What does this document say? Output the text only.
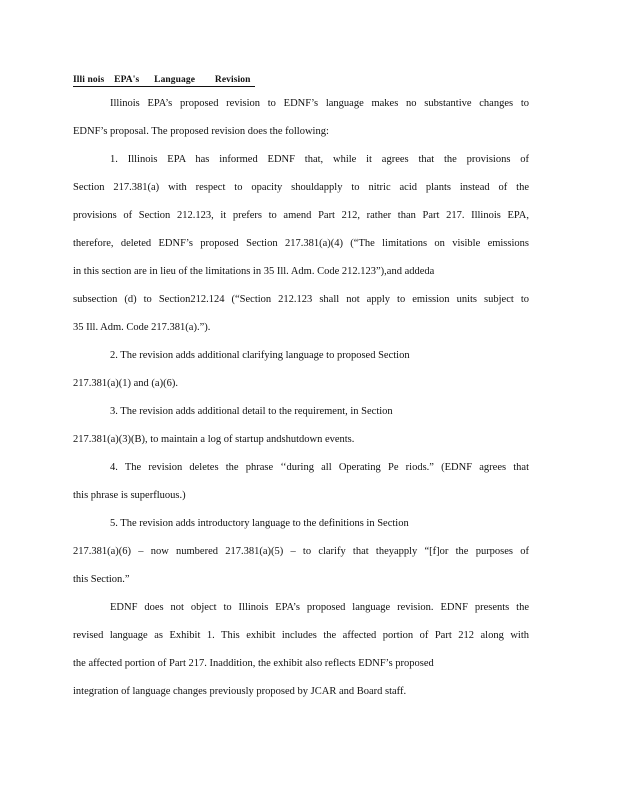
Illi nois    EPA's      Language        Revision
Illinois EPA’s proposed revision to EDNF’s language makes no substantive changes to
EDNF’s proposal. The proposed revision does the following:
1. Illinois EPA has informed EDNF that, while it agrees that the provisions of
Section 217.381(a) with respect to opacity shouldapply to nitric acid plants instead of the
provisions of Section 212.123, it prefers to amend Part 212, rather than Part 217. Illinois EPA,
therefore, deleted EDNF’s proposed Section 217.381(a)(4) (“The limitations on visible emissions
in this section are in lieu of the limitations in 35 Ill. Adm. Code 212.123”),and addeda
subsection (d) to Section212.124 (“Section 212.123 shall not apply to emission units subject to
35 Ill. Adm. Code 217.381(a).”).
2. The revision adds additional clarifying language to proposed Section
217.381(a)(1) and (a)(6).
3. The revision adds additional detail to the requirement, in Section
217.381(a)(3)(B), to maintain a log of startup andshutdown events.
4. The revision deletes the phrase ‘‘during all Operating Pe riods.” (EDNF agrees that
this phrase is superfluous.)
5. The revision adds introductory language to the definitions in Section
217.381(a)(6) – now numbered 217.381(a)(5) – to clarify that theyapply “[f]or the purposes of
this Section.”
EDNF does not object to Illinois EPA’s proposed language revision. EDNF presents the
revised language as Exhibit 1. This exhibit includes the affected portion of Part 212 along with
the affected portion of Part 217. Inaddition, the exhibit also reflects EDNF’s proposed
integration of language changes previously proposed by JCAR and Board staff.
